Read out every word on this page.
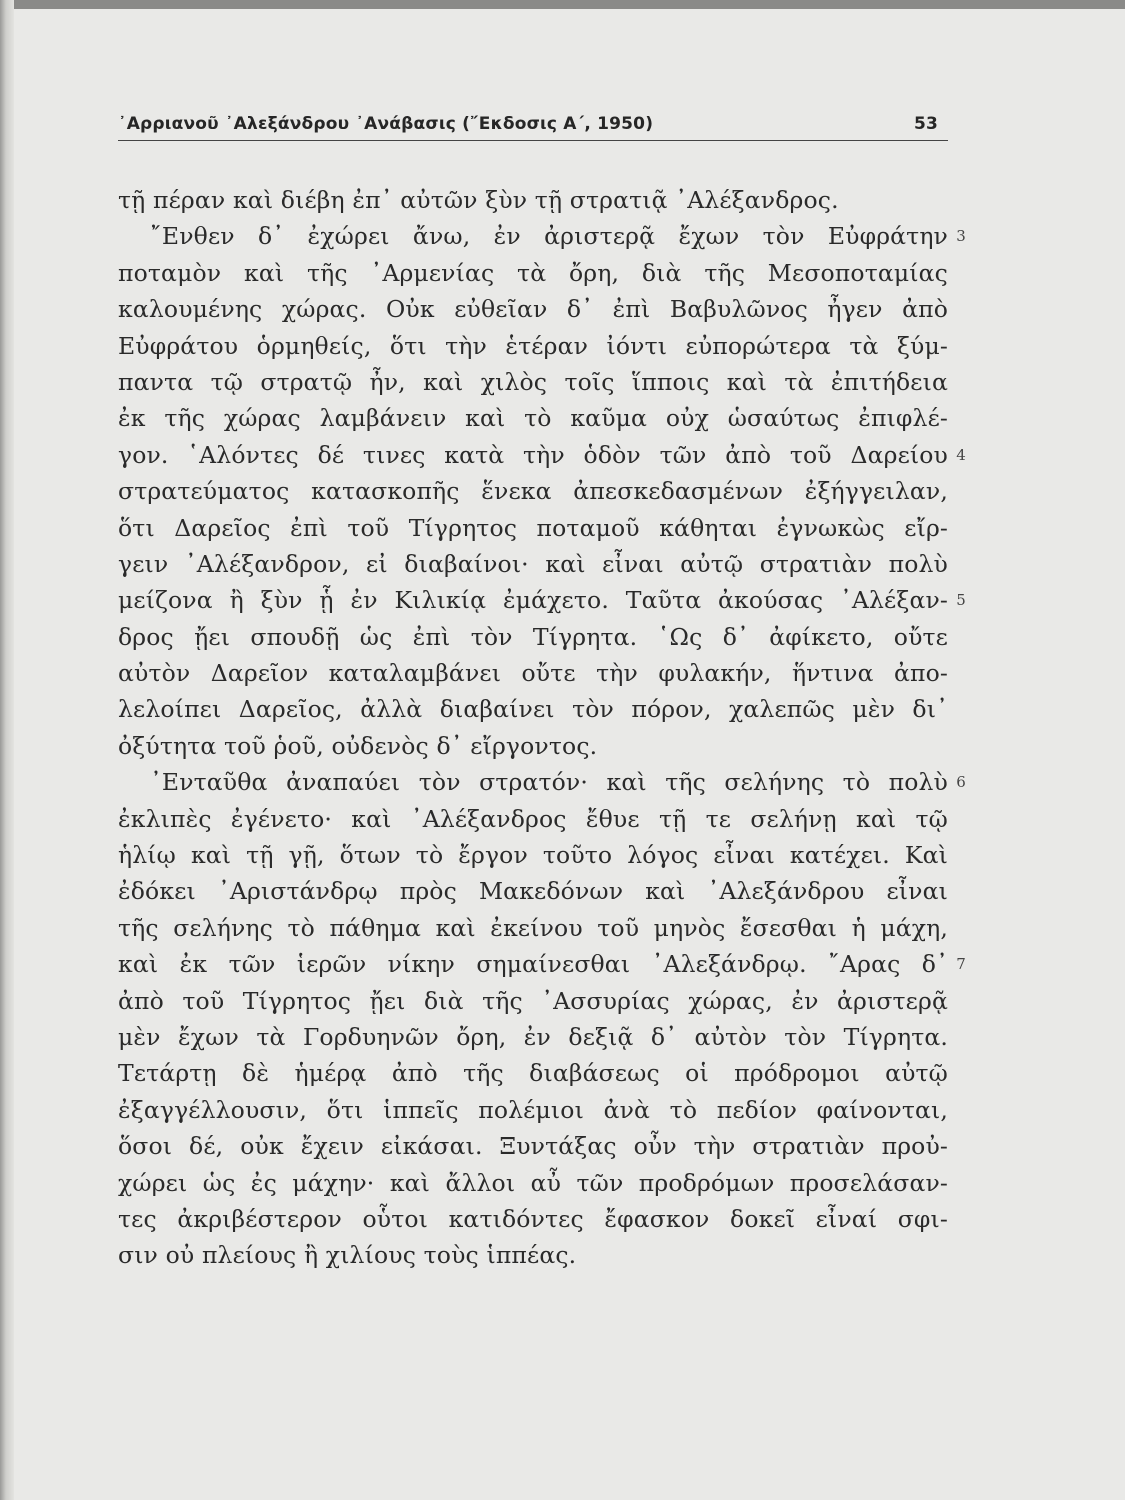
᾿Αρριανοῦ ᾿Αλεξάνδρου ᾿Ανάβασις (῎Εκδοσις Α΄, 1950)	53
τῇ πέραν καὶ διέβη ἐπ᾿ αὐτῶν ξὺν τῇ στρατιᾷ ᾿Αλέξανδρος.
῎Ενθεν δ᾿ ἐχώρει ἄνω, ἐν ἀριστερᾷ ἔχων τὸν Εὐφράτην 3
ποταμὸν καὶ τῆς ᾿Αρμενίας τὰ ὄρη, διὰ τῆς Μεσοποταμίας
καλουμένης χώρας. Οὐκ εὐθεῖαν δ᾿ ἐπὶ Βαβυλῶνος ἦγεν ἀπὸ
Εὐφράτου ὁρμηθείς, ὅτι τὴν ἑτέραν ἰόντι εὐπορώτερα τὰ ξύμ-
παντα τῷ στρατῷ ἦν, καὶ χιλὸς τοῖς ἵπποις καὶ τὰ ἐπιτήδεια
ἐκ τῆς χώρας λαμβάνειν καὶ τὸ καῦμα οὐχ ὡσαύτως ἐπιφλέ-
γον. ῾Αλόντες δέ τινες κατὰ τὴν ὁδὸν τῶν ἀπὸ τοῦ Δαρείου 4
στρατεύματος κατασκοπῆς ἕνεκα ἀπεσκεδασμένων ἐξήγγειλαν,
ὅτι Δαρεῖος ἐπὶ τοῦ Τίγρητος ποταμοῦ κάθηται ἐγνωκὼς εἴρ-
γειν ᾿Αλέξανδρον, εἰ διαβαίνοι· καὶ εἶναι αὐτῷ στρατιὰν πολὺ
μείζονα ἢ ξὺν ᾗ ἐν Κιλικίᾳ ἐμάχετο. Ταῦτα ἀκούσας ᾿Αλέξαν- 5
δρος ᾔει σπουδῇ ὡς ἐπὶ τὸν Τίγρητα. ῾Ως δ᾿ ἀφίκετο, οὔτε
αὐτὸν Δαρεῖον καταλαμβάνει οὔτε τὴν φυλακήν, ἥντινα ἀπο-
λελοίπει Δαρεῖος, ἀλλὰ διαβαίνει τὸν πόρον, χαλεπῶς μὲν δι᾿
ὀξύτητα τοῦ ῥοῦ, οὐδενὸς δ᾿ εἴργοντος.
᾿Ενταῦθα ἀναπαύει τὸν στρατόν· καὶ τῆς σελήνης τὸ πολὺ 6
ἐκλιπὲς ἐγένετο· καὶ ᾿Αλέξανδρος ἔθυε τῇ τε σελήνῃ καὶ τῷ
ἡλίῳ καὶ τῇ γῇ, ὅτων τὸ ἔργον τοῦτο λόγος εἶναι κατέχει. Καὶ
ἐδόκει ᾿Αριστάνδρῳ πρὸς Μακεδόνων καὶ ᾿Αλεξάνδρου εἶναι
τῆς σελήνης τὸ πάθημα καὶ ἐκείνου τοῦ μηνὸς ἔσεσθαι ἡ μάχη,
καὶ ἐκ τῶν ἱερῶν νίκην σημαίνεσθαι ᾿Αλεξάνδρῳ. ῎Αρας δ᾿ 7
ἀπὸ τοῦ Τίγρητος ᾔει διὰ τῆς ᾿Ασσυρίας χώρας, ἐν ἀριστερᾷ
μὲν ἔχων τὰ Γορδυηνῶν ὄρη, ἐν δεξιᾷ δ᾿ αὐτὸν τὸν Τίγρητα.
Τετάρτῃ δὲ ἡμέρᾳ ἀπὸ τῆς διαβάσεως οἱ πρόδρομοι αὐτῷ
ἐξαγγέλλουσιν, ὅτι ἱππεῖς πολέμιοι ἀνὰ τὸ πεδίον φαίνονται,
ὅσοι δέ, οὐκ ἔχειν εἰκάσαι. Ξυντάξας οὖν τὴν στρατιὰν προὐ-
χώρει ὡς ἐς μάχην· καὶ ἄλλοι αὖ τῶν προδρόμων προσελάσαν-
τες ἀκριβέστερον οὗτοι κατιδόντες ἔφασκον δοκεῖ εἶναί σφι-
σιν οὐ πλείους ἢ χιλίους τοὺς ἱππέας.
